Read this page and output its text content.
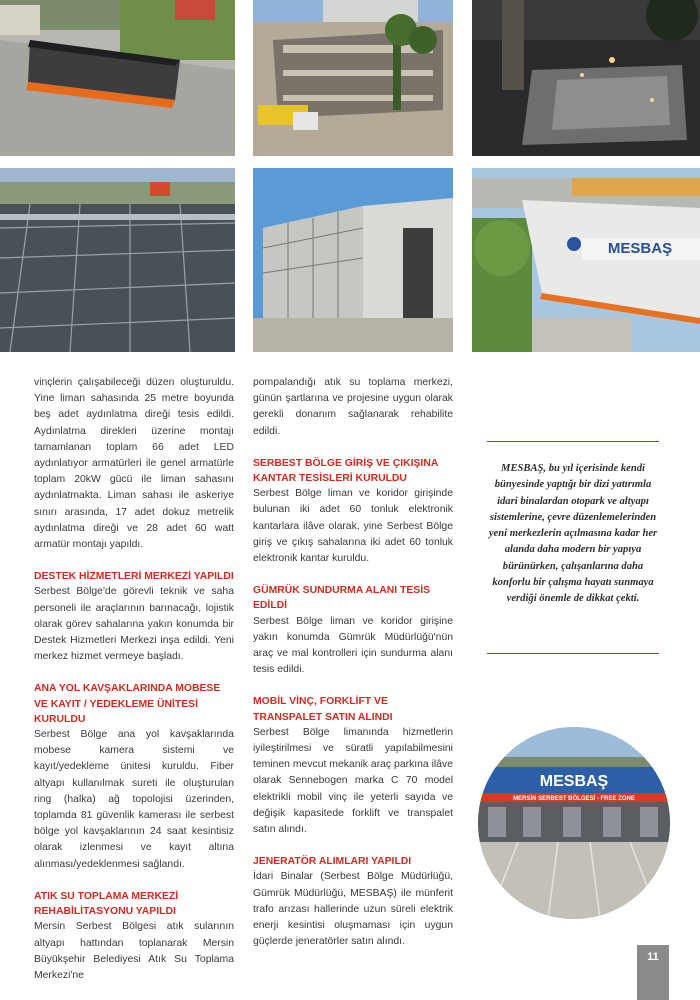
MESBAŞ

vinçlerin çalışabileceği düzen oluşturuldu. Yine liman sahasında 25 metre boyunda beş adet aydınlatma direği tesis edildi. Aydınlatma direkleri üzerine montajı tamamlanan toplam 66 adet LED aydınlatıyor armatürleri ile genel armatürle toplam 20kW gücü ile liman sahasını aydınlatmakta. Liman sahası ile askeriye sınırı arasında, 17 adet dokuz metrelik aydınlatma direği ve 28 adet 60 watt armatür montajı yapıldı.

DESTEK HİZMETLERİ MERKEZİ YAPILDI

Serbest Bölge'de görevli teknik ve saha personeli ile araçlarının barınacağı, lojistik olarak görev sahalarına yakın konumda bir Destek Hizmetleri Merkezi inşa edildi. Yeni merkez hizmet vermeye başladı.

ANA YOL KAVŞAKLARINDA MOBESE VE KAYIT / YEDEKLEME ÜNİTESİ KURULDU

Serbest Bölge ana yol kavşaklarında mobese kamera sistemi ve kayıt/yedekleme ünitesi kuruldu. Fiber altyapı kullanılmak sureti ile oluşturulan ring (halka) ağ topolojisi üzerinden, toplamda 81 güvenlik kamerası ile serbest bölge yol kavşaklarının 24 saat kesintisiz olarak izlenmesi ve kayıt altına alınması/yedeklenmesi sağlandı.

ATIK SU TOPLAMA MERKEZİ REHABİLİTASYONU YAPILDI

Mersin Serbest Bölgesi atık sularının altyapı hattından toplanarak Mersin Büyükşehir Belediyesi Atık Su Toplama Merkezi'ne

pompalandığı atık su toplama merkezi, günün şartlarına ve projesine uygun olarak gerekli donanım sağlanarak rehabilite edildi.

SERBEST BÖLGE GİRİŞ VE ÇIKIŞINA KANTAR TESİSLERİ KURULDU

Serbest Bölge liman ve koridor girişinde bulunan iki adet 60 tonluk elektronik kantarlara ilâve olarak, yine Serbest Bölge giriş ve çıkış sahalarına iki adet 60 tonluk elektronik kantar kuruldu.

GÜMRÜK SUNDURMA ALANI TESİS EDİLDİ

Serbest Bölge liman ve koridor girişine yakın konumda Gümrük Müdürlüğü'nün araç ve mal kontrolleri için sundurma alanı tesis edildi.

MOBİL VİNÇ, FORKLİFT VE TRANSPALET SATIN ALINDI

Serbest Bölge limanında hizmetlerin iyileştirilmesi ve süratli yapılabilmesini teminen mevcut mekanik araç parkına ilâve olarak Sennebogen marka C 70 model elektrikli mobil vinç ile yeterli sayıda ve değişik kapasitede forklift ve transpalet satın alındı.

JENERATÖR ALIMLARI YAPILDI

İdari Binalar (Serbest Bölge Müdürlüğü, Gümrük Müdürlüğü, MESBAŞ) ile münferit trafo arızası hallerinde uzun süreli elektrik enerji kesintisi oluşmaması için uygun güçlerde jeneratörler satın alındı.

MESBAŞ, bu yıl içerisinde kendi bünyesinde yaptığı bir dizi yatırımla idari binalardan otopark ve altyapı sistemlerine, çevre düzenlemelerinden yeni merkezlerin açılmasına kadar her alanda daha modern bir yapıya bürünürken, çalışanlarına daha konforlu bir çalışma hayatı sunmaya verdiği önemle de dikkat çekti.
MESBAŞ
MERSİN SERBEST BÖLGESİ - FREE ZONE
11
